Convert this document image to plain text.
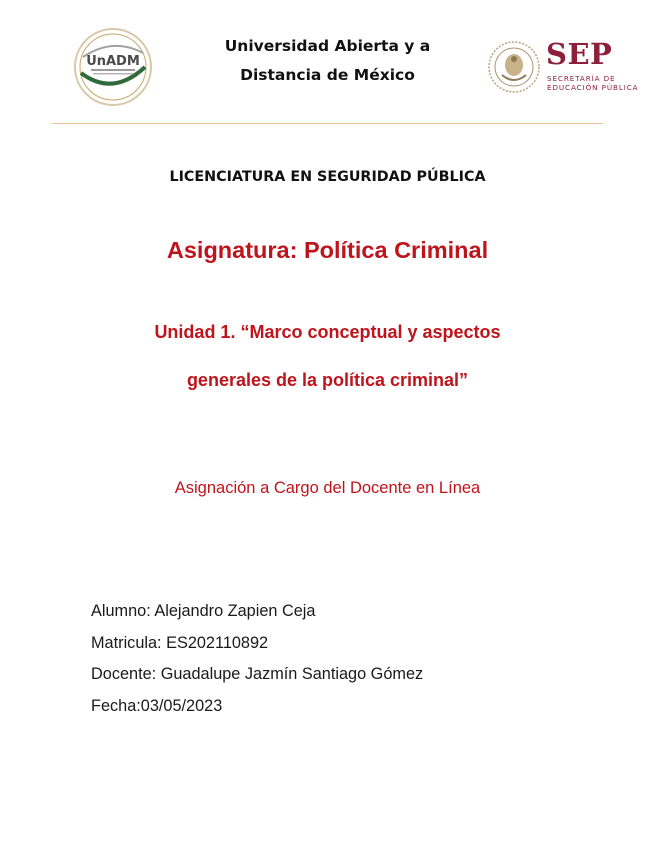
UnADM
Universidad Abierta y a
Distancia de México
SEP
SECRETARÍA DE
EDUCACIÓN PÚBLICA
LICENCIATURA EN SEGURIDAD PÚBLICA
Asignatura: Política Criminal
Unidad 1. “Marco conceptual y aspectos
generales de la política criminal”
Asignación a Cargo del Docente en Línea
Alumno: Alejandro Zapien Ceja
Matricula: ES202110892
Docente: Guadalupe Jazmín Santiago Gómez
Fecha:03/05/2023
